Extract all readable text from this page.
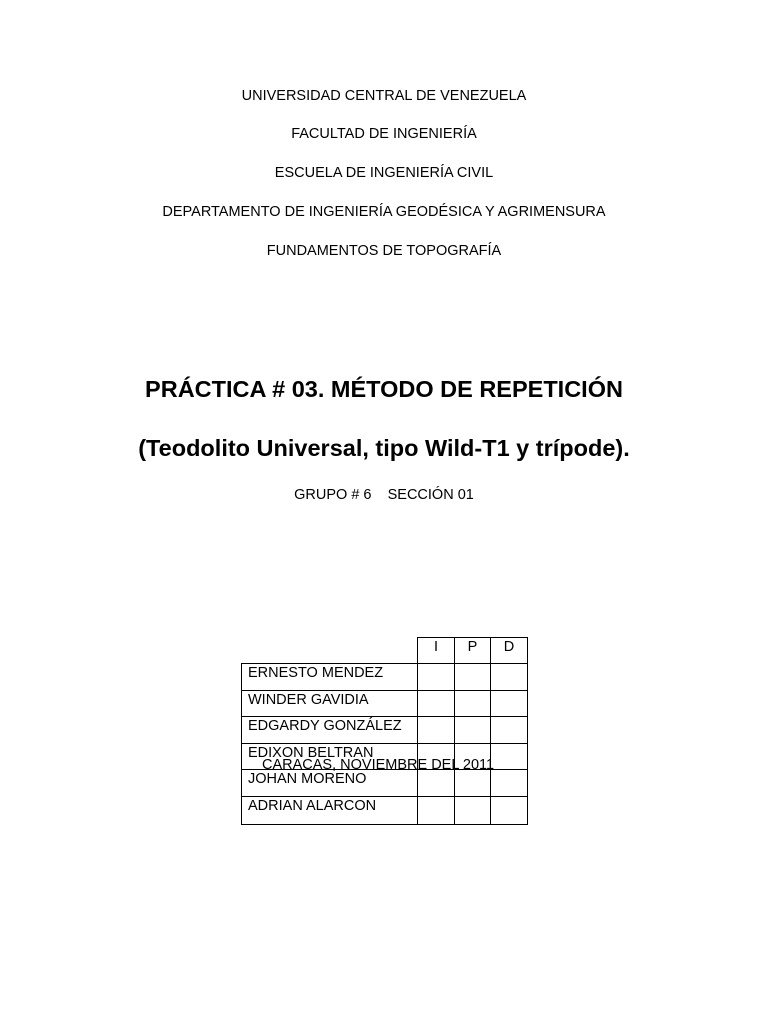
UNIVERSIDAD CENTRAL DE VENEZUELA
FACULTAD DE INGENIERÍA
ESCUELA DE INGENIERÍA CIVIL
DEPARTAMENTO DE INGENIERÍA GEODÉSICA Y AGRIMENSURA
FUNDAMENTOS DE TOPOGRAFÍA
PRÁCTICA # 03. MÉTODO DE REPETICIÓN
(Teodolito Universal, tipo Wild-T1 y trípode).
GRUPO # 6    SECCIÓN 01
I	P	D
ERNESTO MENDEZ
WINDER GAVIDIA
EDGARDY GONZÁLEZ
EDIXON BELTRAN
JOHAN MORENO
ADRIAN ALARCON
CARACAS, NOVIEMBRE DEL 2011
